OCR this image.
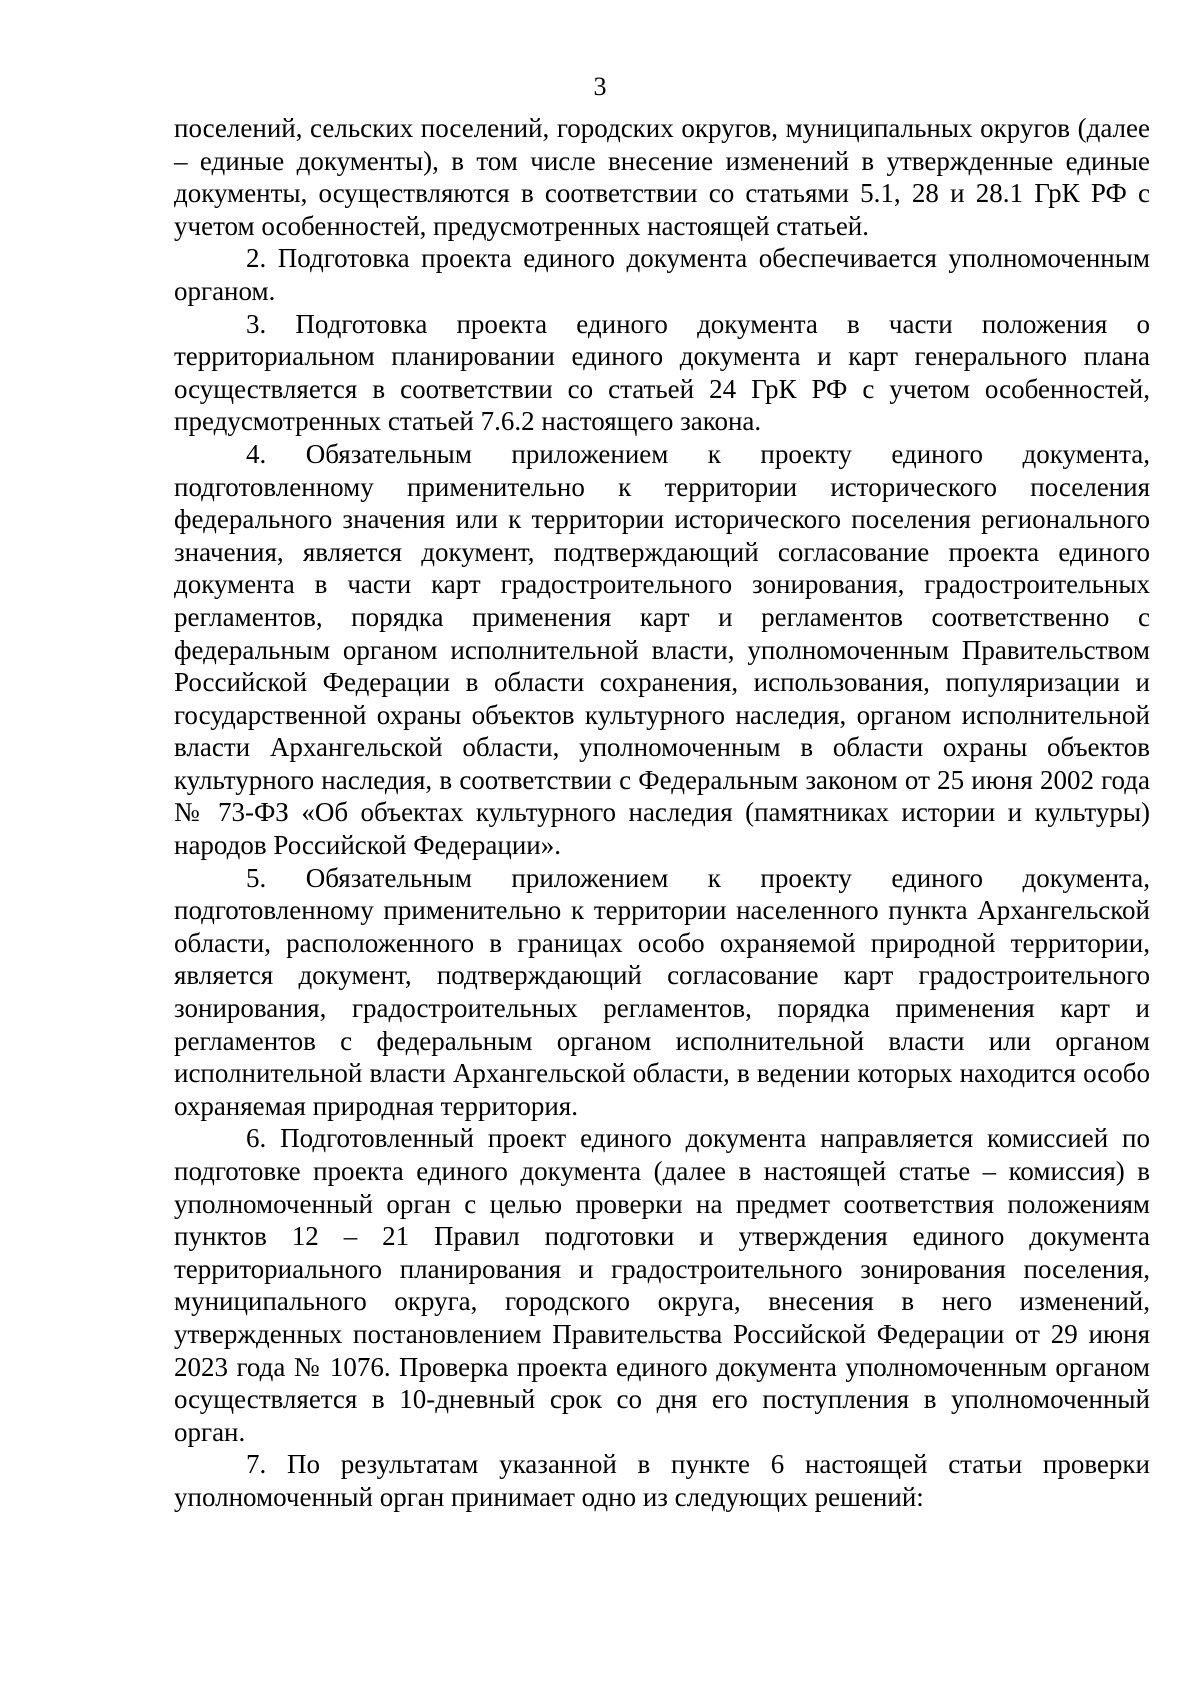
3

поселений, сельских поселений, городских округов, муниципальных округов (далее – единые документы), в том числе внесение изменений в утвержденные единые документы, осуществляются в соответствии со статьями 5.1, 28 и 28.1 ГрК РФ с учетом особенностей, предусмотренных настоящей статьей.

2. Подготовка проекта единого документа обеспечивается уполномоченным органом.

3. Подготовка проекта единого документа в части положения о территориальном планировании единого документа и карт генерального плана осуществляется в соответствии со статьей 24 ГрК РФ с учетом особенностей, предусмотренных статьей 7.6.2 настоящего закона.

4. Обязательным приложением к проекту единого документа, подготовленному применительно к территории исторического поселения федерального значения или к территории исторического поселения регионального значения, является документ, подтверждающий согласование проекта единого документа в части карт градостроительного зонирования, градостроительных регламентов, порядка применения карт и регламентов соответственно с федеральным органом исполнительной власти, уполномоченным Правительством Российской Федерации в области сохранения, использования, популяризации и государственной охраны объектов культурного наследия, органом исполнительной власти Архангельской области, уполномоченным в области охраны объектов культурного наследия, в соответствии с Федеральным законом от 25 июня 2002 года № 73-ФЗ «Об объектах культурного наследия (памятниках истории и культуры) народов Российской Федерации».

5. Обязательным приложением к проекту единого документа, подготовленному применительно к территории населенного пункта Архангельской области, расположенного в границах особо охраняемой природной территории, является документ, подтверждающий согласование карт градостроительного зонирования, градостроительных регламентов, порядка применения карт и регламентов с федеральным органом исполнительной власти или органом исполнительной власти Архангельской области, в ведении которых находится особо охраняемая природная территория.

6. Подготовленный проект единого документа направляется комиссией по подготовке проекта единого документа (далее в настоящей статье – комиссия) в уполномоченный орган с целью проверки на предмет соответствия положениям пунктов 12 – 21 Правил подготовки и утверждения единого документа территориального планирования и градостроительного зонирования поселения, муниципального округа, городского округа, внесения в него изменений, утвержденных постановлением Правительства Российской Федерации от 29 июня 2023 года № 1076. Проверка проекта единого документа уполномоченным органом осуществляется в 10-дневный срок со дня его поступления в уполномоченный орган.

7. По результатам указанной в пункте 6 настоящей статьи проверки уполномоченный орган принимает одно из следующих решений:
